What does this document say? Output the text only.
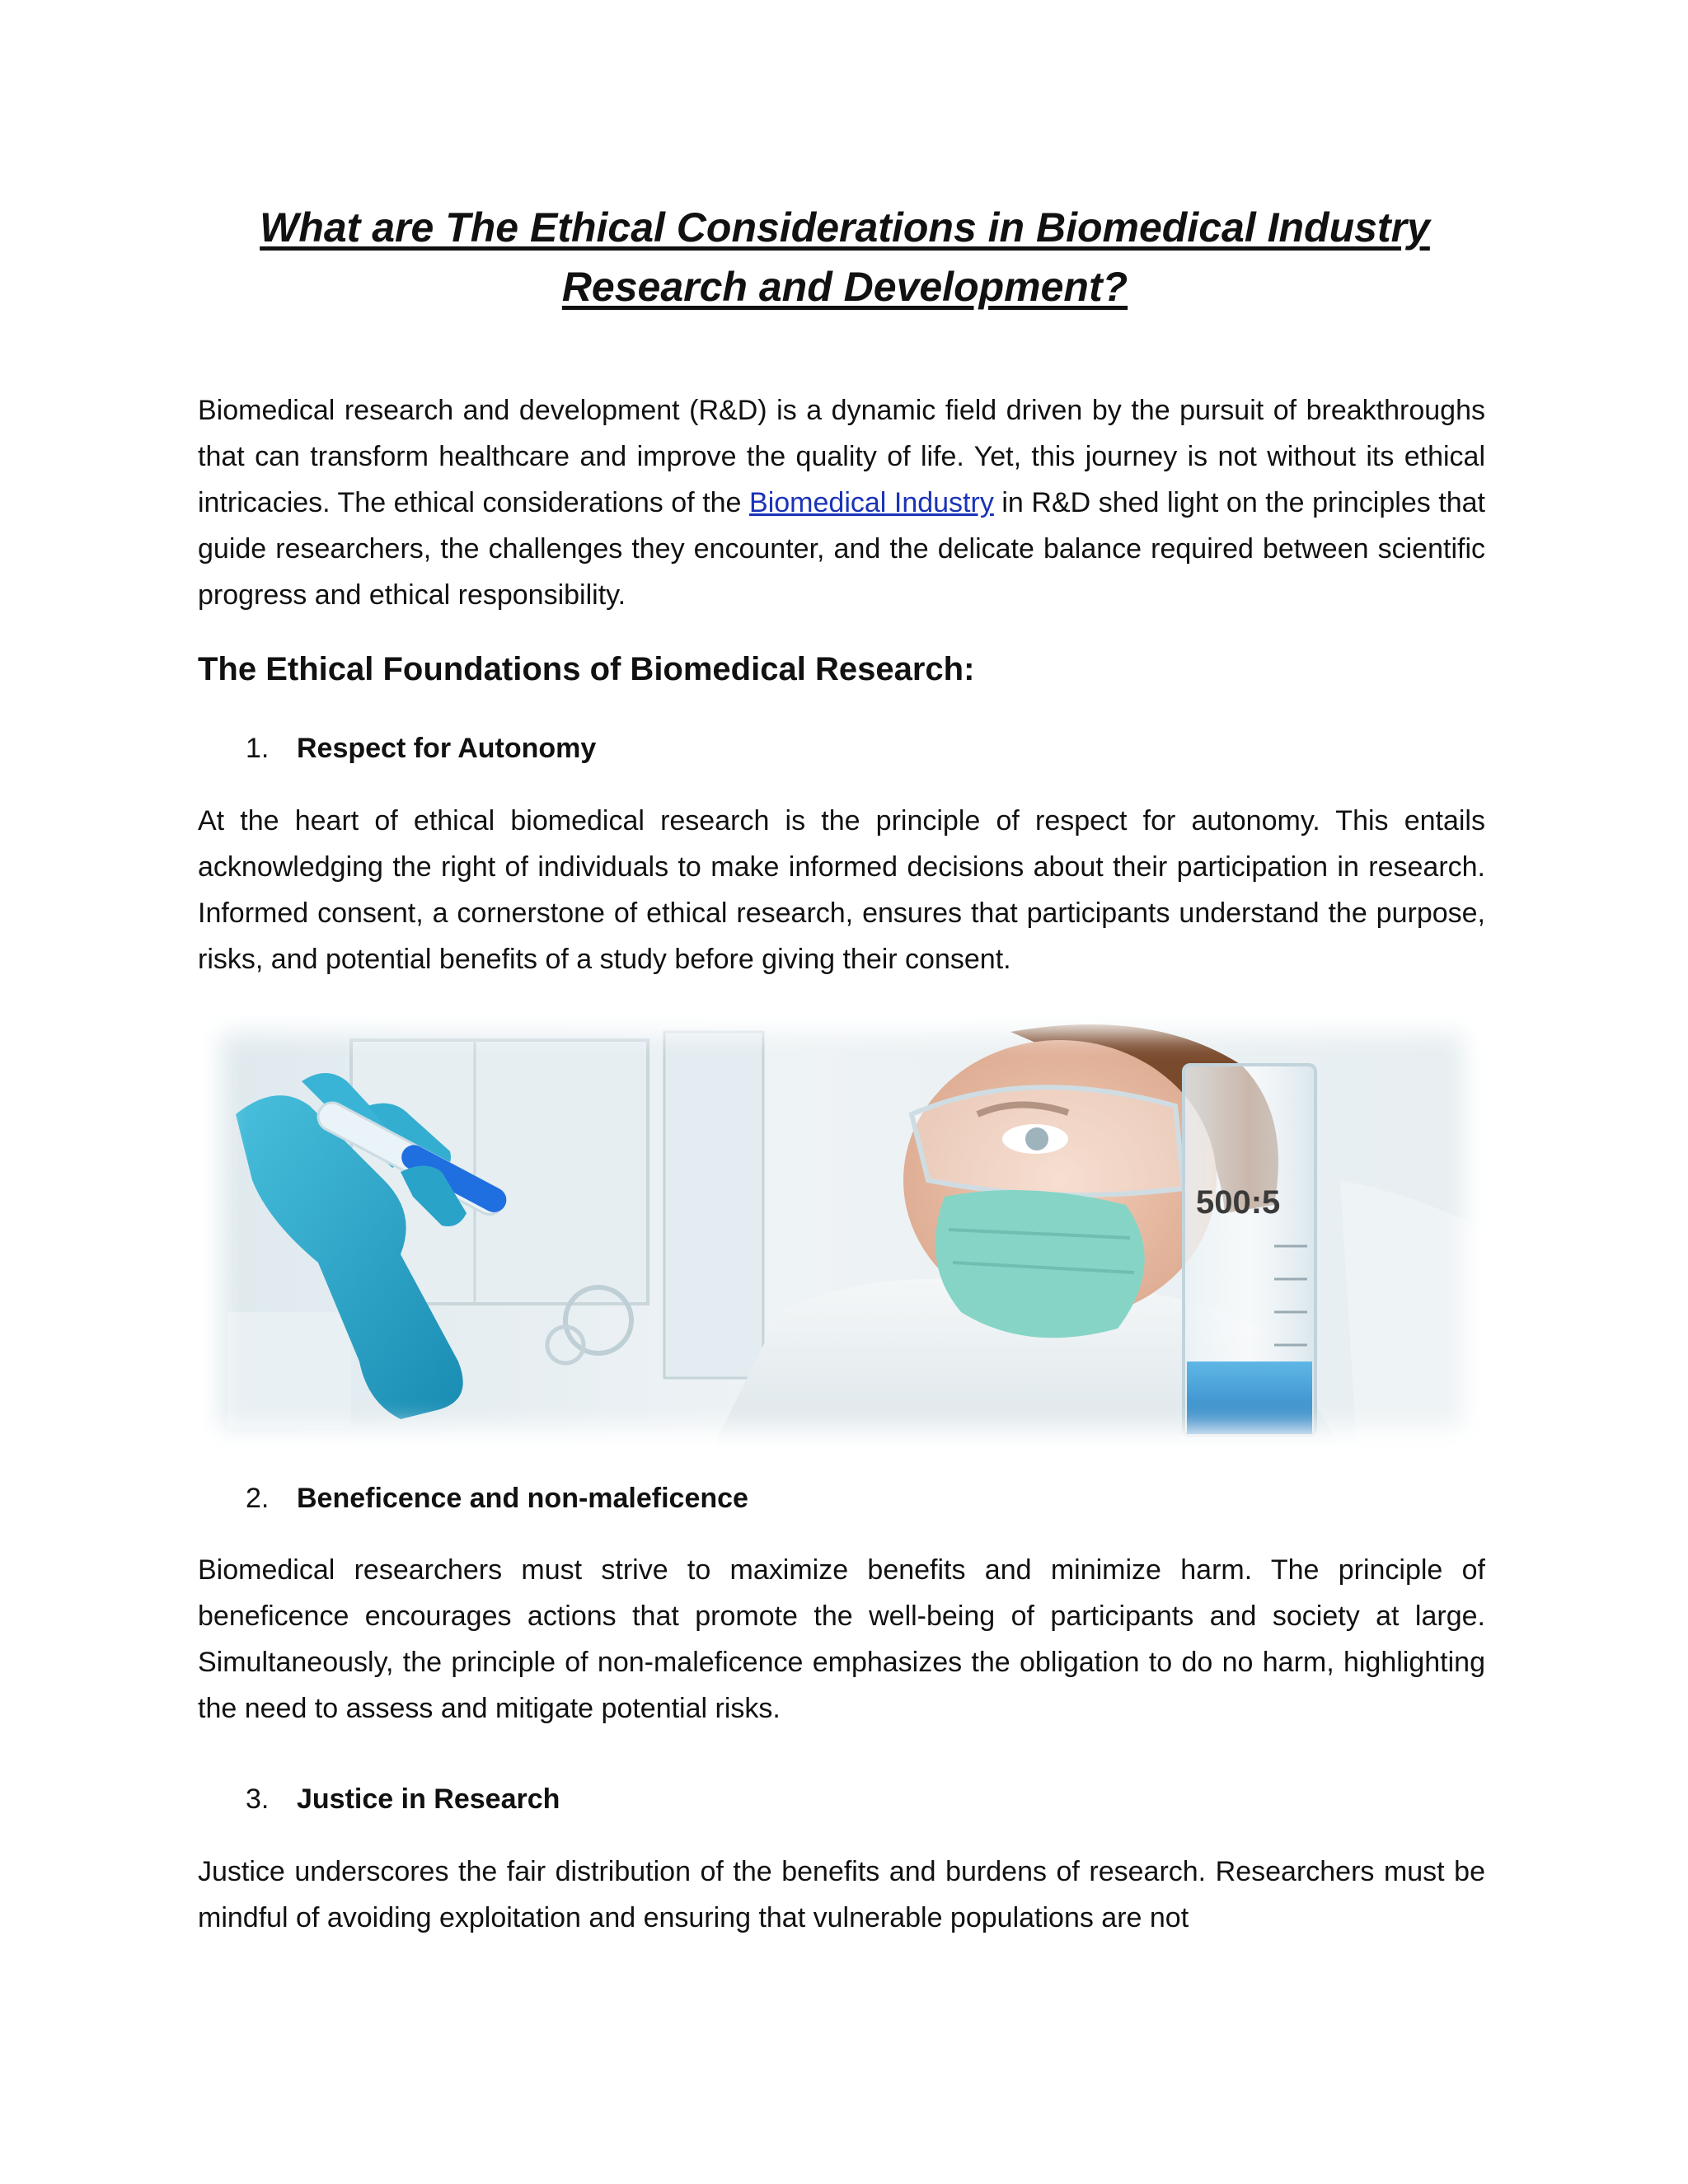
What are The Ethical Considerations in Biomedical Industry Research and Development?

Biomedical research and development (R&D) is a dynamic field driven by the pursuit of breakthroughs that can transform healthcare and improve the quality of life. Yet, this journey is not without its ethical intricacies. The ethical considerations of the Biomedical Industry in R&D shed light on the principles that guide researchers, the challenges they encounter, and the delicate balance required between scientific progress and ethical responsibility.

The Ethical Foundations of Biomedical Research:
1. Respect for Autonomy

At the heart of ethical biomedical research is the principle of respect for autonomy. This entails acknowledging the right of individuals to make informed decisions about their participation in research. Informed consent, a cornerstone of ethical research, ensures that participants understand the purpose, risks, and potential benefits of a study before giving their consent.

500:5
2. Beneficence and non-maleficence

Biomedical researchers must strive to maximize benefits and minimize harm. The principle of beneficence encourages actions that promote the well-being of participants and society at large. Simultaneously, the principle of non-maleficence emphasizes the obligation to do no harm, highlighting the need to assess and mitigate potential risks.

3. Justice in Research

Justice underscores the fair distribution of the benefits and burdens of research. Researchers must be mindful of avoiding exploitation and ensuring that vulnerable populations are not
